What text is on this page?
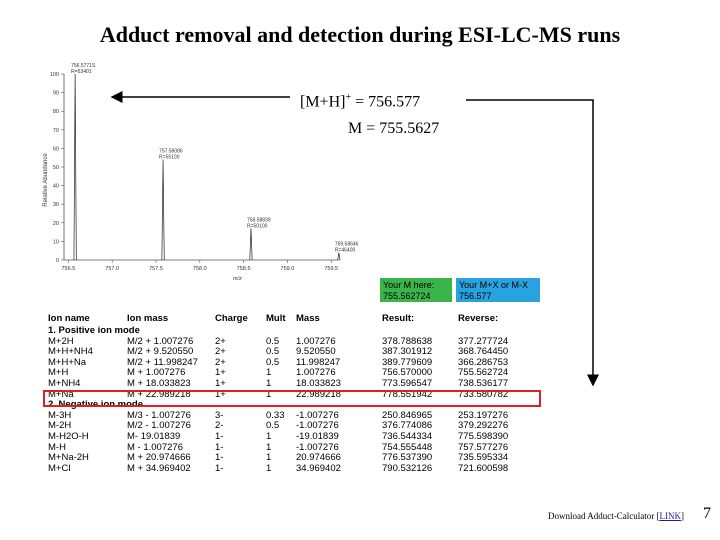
Adduct removal and detection during ESI-LC-MS runs
Relative Abundance
0
10
20
30
40
50
60
70
80
90
100
756.5	757.0	757.5	758.0	758.5	759.0	759.5
756.5771S
R=53401
757.58086
R=55100
758.58839
R=50100
759.58646
R=46400
m/z
[M+H]+ = 756.577
M = 755.5627
Your M here:
755.562724
Your M+X or M-X
756.577
Ion name	Ion mass	Charge	Mult	Mass	Result:	Reverse:
1. Positive ion mode						
M+2H	M/2 + 1.007276	2+	0.5	1.007276	378.788638	377.277724
M+H+NH4	M/2 + 9.520550	2+	0.5	9.520550	387.301912	368.764450
M+H+Na	M/2 + 11.998247	2+	0.5	11.998247	389.779609	366.286753
M+H	M + 1.007276	1+	1	1.007276	756.570000	755.562724
M+NH4	M + 18.033823	1+	1	18.033823	773.596547	738.536177
M+Na	M + 22.989218	1+	1	22.989218	778.551942	733.580782
2. Negative ion mode						
M-3H	M/3 - 1.007276	3-	0.33	-1.007276	250.846965	253.197276
M-2H	M/2 - 1.007276	2-	0.5	-1.007276	376.774086	379.292276
M-H2O-H	M- 19.01839	1-	1	-19.01839	736.544334	775.598390
M-H	M - 1.007276	1-	1	-1.007276	754.555448	757.577276
M+Na-2H	M + 20.974666	1-	1	20.974666	776.537390	735.595334
M+Cl	M + 34.969402	1-	1	34.969402	790.532126	721.600598
Download Adduct-Calculator [LINK] 7
